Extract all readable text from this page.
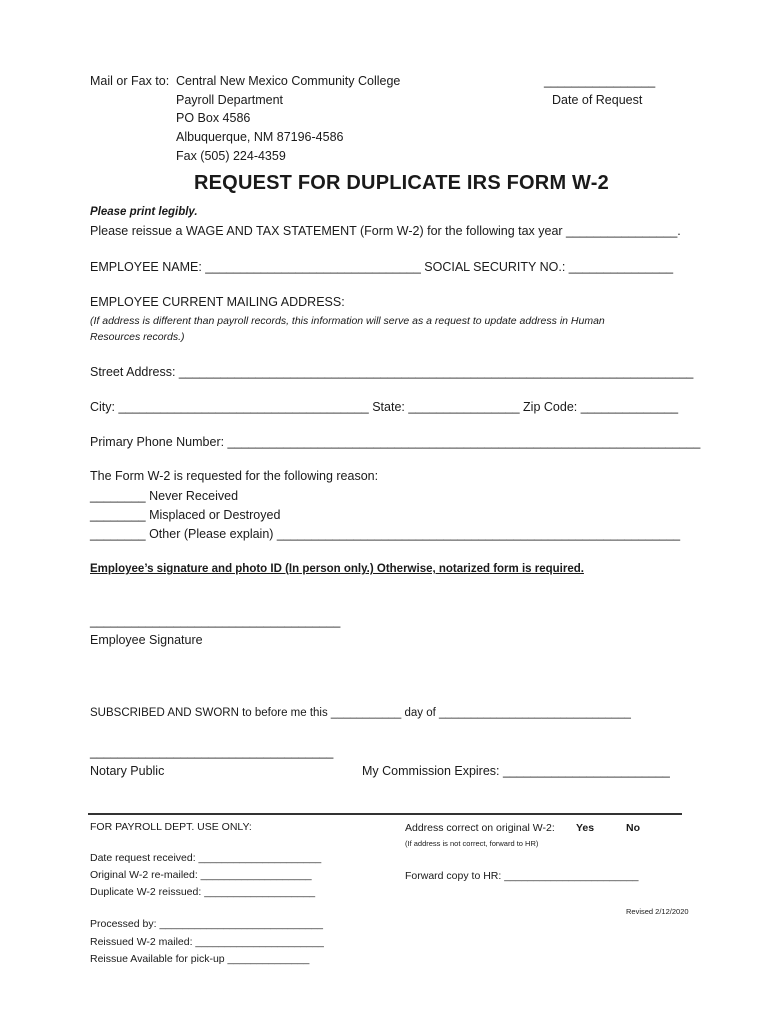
Mail or Fax to: Central New Mexico Community College
Payroll Department
PO Box 4586
Albuquerque, NM 87196-4586
Fax (505) 224-4359
________________
Date of Request
REQUEST FOR DUPLICATE IRS FORM W-2
Please print legibly.
Please reissue a WAGE AND TAX STATEMENT (Form W-2) for the following tax year ________________.
EMPLOYEE NAME: _______________________________ SOCIAL SECURITY NO.: _______________
EMPLOYEE CURRENT MAILING ADDRESS:
(If address is different than payroll records, this information will serve as a request to update address in Human
Resources records.)
Street Address: __________________________________________________________________________
City: ____________________________________ State: ________________ Zip Code: ______________
Primary Phone Number: ____________________________________________________________________
The Form W-2 is requested for the following reason:
________ Never Received
________ Misplaced or Destroyed
________ Other (Please explain) __________________________________________________________
Employee’s signature and photo ID (In person only.) Otherwise, notarized form is required.
____________________________________
Employee Signature
SUBSCRIBED AND SWORN to before me this ___________ day of ______________________________
___________________________________
Notary Public	My Commission Expires: ________________________
FOR PAYROLL DEPT. USE ONLY:	Address correct on original W-2: Yes	No
(If address is not correct, forward to HR)
Date request received: _____________________
Original W-2 re-mailed: ___________________
Duplicate W-2 reissued: ___________________
Forward copy to HR: _______________________
Revised 2/12/2020
Processed by: ____________________________
Reissued W-2 mailed: ______________________
Reissue Available for pick-up ______________
